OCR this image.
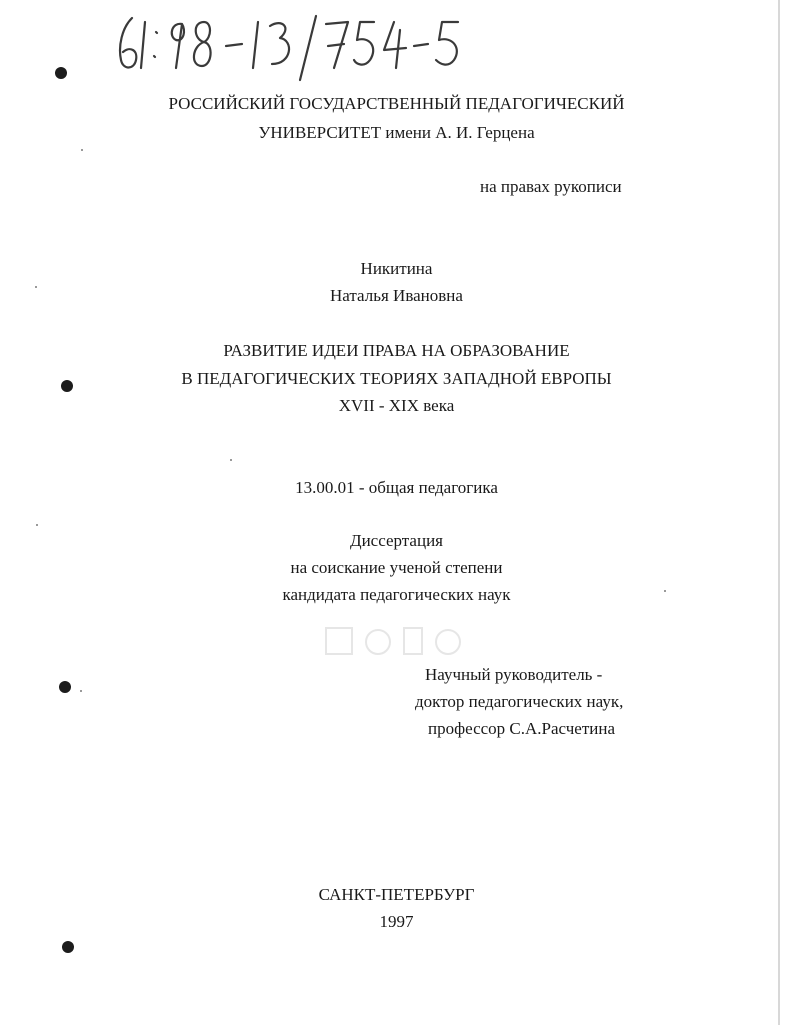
РОССИЙСКИЙ ГОСУДАРСТВЕННЫЙ ПЕДАГОГИЧЕСКИЙ
УНИВЕРСИТЕТ имени А. И. Герцена
на правах рукописи
Никитина
Наталья Ивановна
РАЗВИТИЕ ИДЕИ ПРАВА НА ОБРАЗОВАНИЕ
В ПЕДАГОГИЧЕСКИХ ТЕОРИЯХ ЗАПАДНОЙ ЕВРОПЫ
XVII - XIX века
13.00.01 - общая педагогика
Диссертация
на соискание ученой степени
кандидата педагогических наук
Научный руководитель -
доктор педагогических наук,
профессор С.А.Расчетина
САНКТ-ПЕТЕРБУРГ
1997
